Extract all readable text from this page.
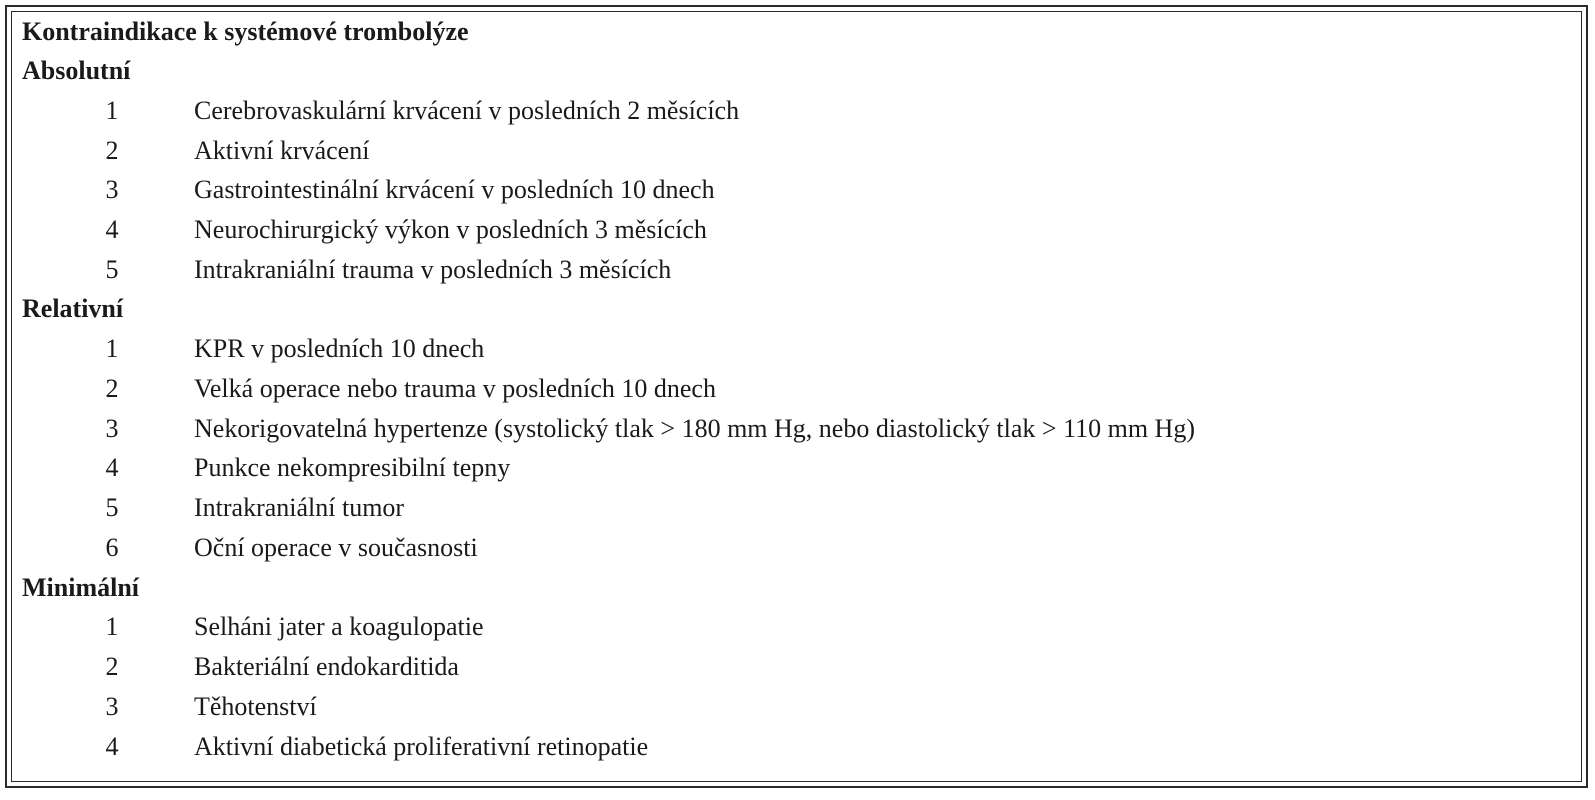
Kontraindikace k systémové trombolýze
Absolutní
1	Cerebrovaskulární krvácení v posledních 2 měsících
2	Aktivní krvácení
3	Gastrointestinální krvácení v posledních 10 dnech
4	Neurochirurgický výkon v posledních 3 měsících
5	Intrakraniální trauma v posledních 3 měsících
Relativní
1	KPR v posledních 10 dnech
2	Velká operace nebo trauma v posledních 10 dnech
3	Nekorigovatelná hypertenze (systolický tlak > 180 mm Hg, nebo diastolický tlak > 110 mm Hg)
4	Punkce nekompresibilní tepny
5	Intrakraniální tumor
6	Oční operace v současnosti
Minimální
1	Selháni jater a koagulopatie
2	Bakteriální endokarditida
3	Těhotenství
4	Aktivní diabetická proliferativní retinopatie
